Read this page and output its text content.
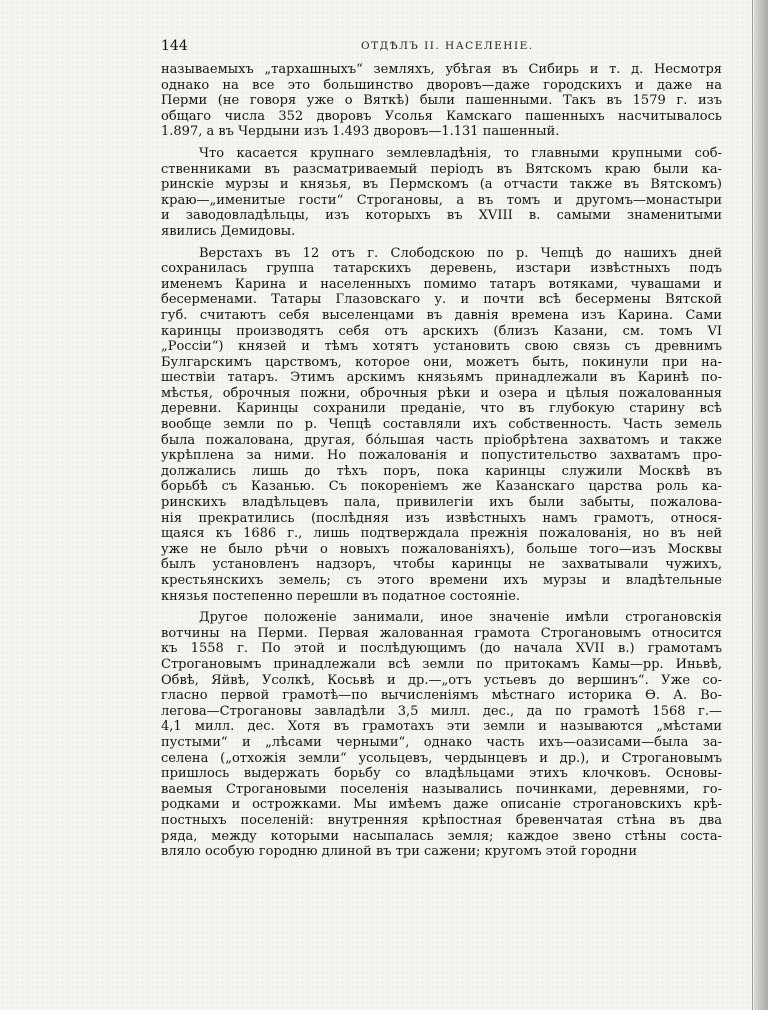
144	ОТДѢЛЪ II. НАСЕЛЕНІЕ.
называемыхъ „тархашныхъ“ земляхъ, убѣгая въ Сибирь и т. д. Несмотря
однако на все это большинство дворовъ—даже городскихъ и даже на
Перми (не говоря уже о Вяткѣ) были пашенными. Такъ въ 1579 г. изъ
общаго числа 352 дворовъ Усолья Камскаго пашенныхъ насчитывалось
1.897, а въ Чердыни изъ 1.493 дворовъ—1.131 пашенный.
Что касается крупнаго землевладѣнія, то главными крупными соб-
ственниками въ разсматриваемый періодъ въ Вятскомъ краю были ка-
ринскіе мурзы и князья, въ Пермскомъ (а отчасти также въ Вятскомъ)
краю—„именитые гости“ Строгановы, а въ томъ и другомъ—монастыри
и заводовладѣльцы, изъ которыхъ въ XVIII в. самыми знаменитыми
явились Демидовы.
Верстахъ въ 12 отъ г. Слободскою по р. Чепцѣ до нашихъ дней
сохранилась группа татарскихъ деревень, изстари извѣстныхъ подъ
именемъ Карина и населенныхъ помимо татаръ вотяками, чувашами и
бесерменами. Татары Глазовскаго у. и почти всѣ бесермены Вятской
губ. считаютъ себя выселенцами въ давнія времена изъ Карина. Сами
каринцы производятъ себя отъ арскихъ (близъ Казани, см. томъ VI
„Россіи“) князей и тѣмъ хотятъ установить свою связь съ древнимъ
Булгарскимъ царствомъ, которое они, можетъ быть, покинули при на-
шествіи татаръ. Этимъ арскимъ князьямъ принадлежали въ Каринѣ по-
мѣстья, оброчныя пожни, оброчныя рѣки и озера и цѣлыя пожалованныя
деревни. Каринцы сохранили преданіе, что въ глубокую старину всѣ
вообще земли по р. Чепцѣ составляли ихъ собственность. Часть земель
была пожалована, другая, бо́льшая часть пріобрѣтена захватомъ и также
укрѣплена за ними. Но пожалованія и попустительство захватамъ про-
должались лишь до тѣхъ поръ, пока каринцы служили Москвѣ въ
борьбѣ съ Казанью. Съ покореніемъ же Казанскаго царства роль ка-
ринскихъ владѣльцевъ пала, привилегіи ихъ были забыты, пожалова-
нія прекратились (послѣдняя изъ извѣстныхъ намъ грамотъ, относя-
щаяся къ 1686 г., лишь подтверждала прежнія пожалованія, но въ ней
уже не было рѣчи о новыхъ пожалованіяхъ), больше того—изъ Москвы
былъ установленъ надзоръ, чтобы каринцы не захватывали чужихъ,
крестьянскихъ земель; съ этого времени ихъ мурзы и владѣтельные
князья постепенно перешли въ податное состояніе.
Другое положеніе занимали, иное значеніе имѣли строгановскія
вотчины на Перми. Первая жалованная грамота Строгановымъ относится
къ 1558 г. По этой и послѣдующимъ (до начала XVII в.) грамотамъ
Строгановымъ принадлежали всѣ земли по притокамъ Камы—рр. Иньвѣ,
Обвѣ, Яйвѣ, Усолкѣ, Косьвѣ и др.—„отъ устьевъ до вершинъ“. Уже со-
гласно первой грамотѣ—по вычисленіямъ мѣстнаго историка Ѳ. А. Во-
легова—Строгановы завладѣли 3,5 милл. дес., да по грамотѣ 1568 г.—
4,1 милл. дес. Хотя въ грамотахъ эти земли и называются „мѣстами
пустыми“ и „лѣсами черными“, однако часть ихъ—оазисами—была за-
селена („отхожія земли“ усольцевъ, чердынцевъ и др.), и Строгановымъ
пришлось выдержать борьбу со владѣльцами этихъ клочковъ. Основы-
ваемыя Строгановыми поселенія назывались починками, деревнями, го-
родками и острожками. Мы имѣемъ даже описаніе строгановскихъ крѣ-
постныхъ поселеній: внутренняя крѣпостная бревенчатая стѣна въ два
ряда, между которыми насыпалась земля; каждое звено стѣны соста-
вляло особую городню длиной въ три сажени; кругомъ этой городни
